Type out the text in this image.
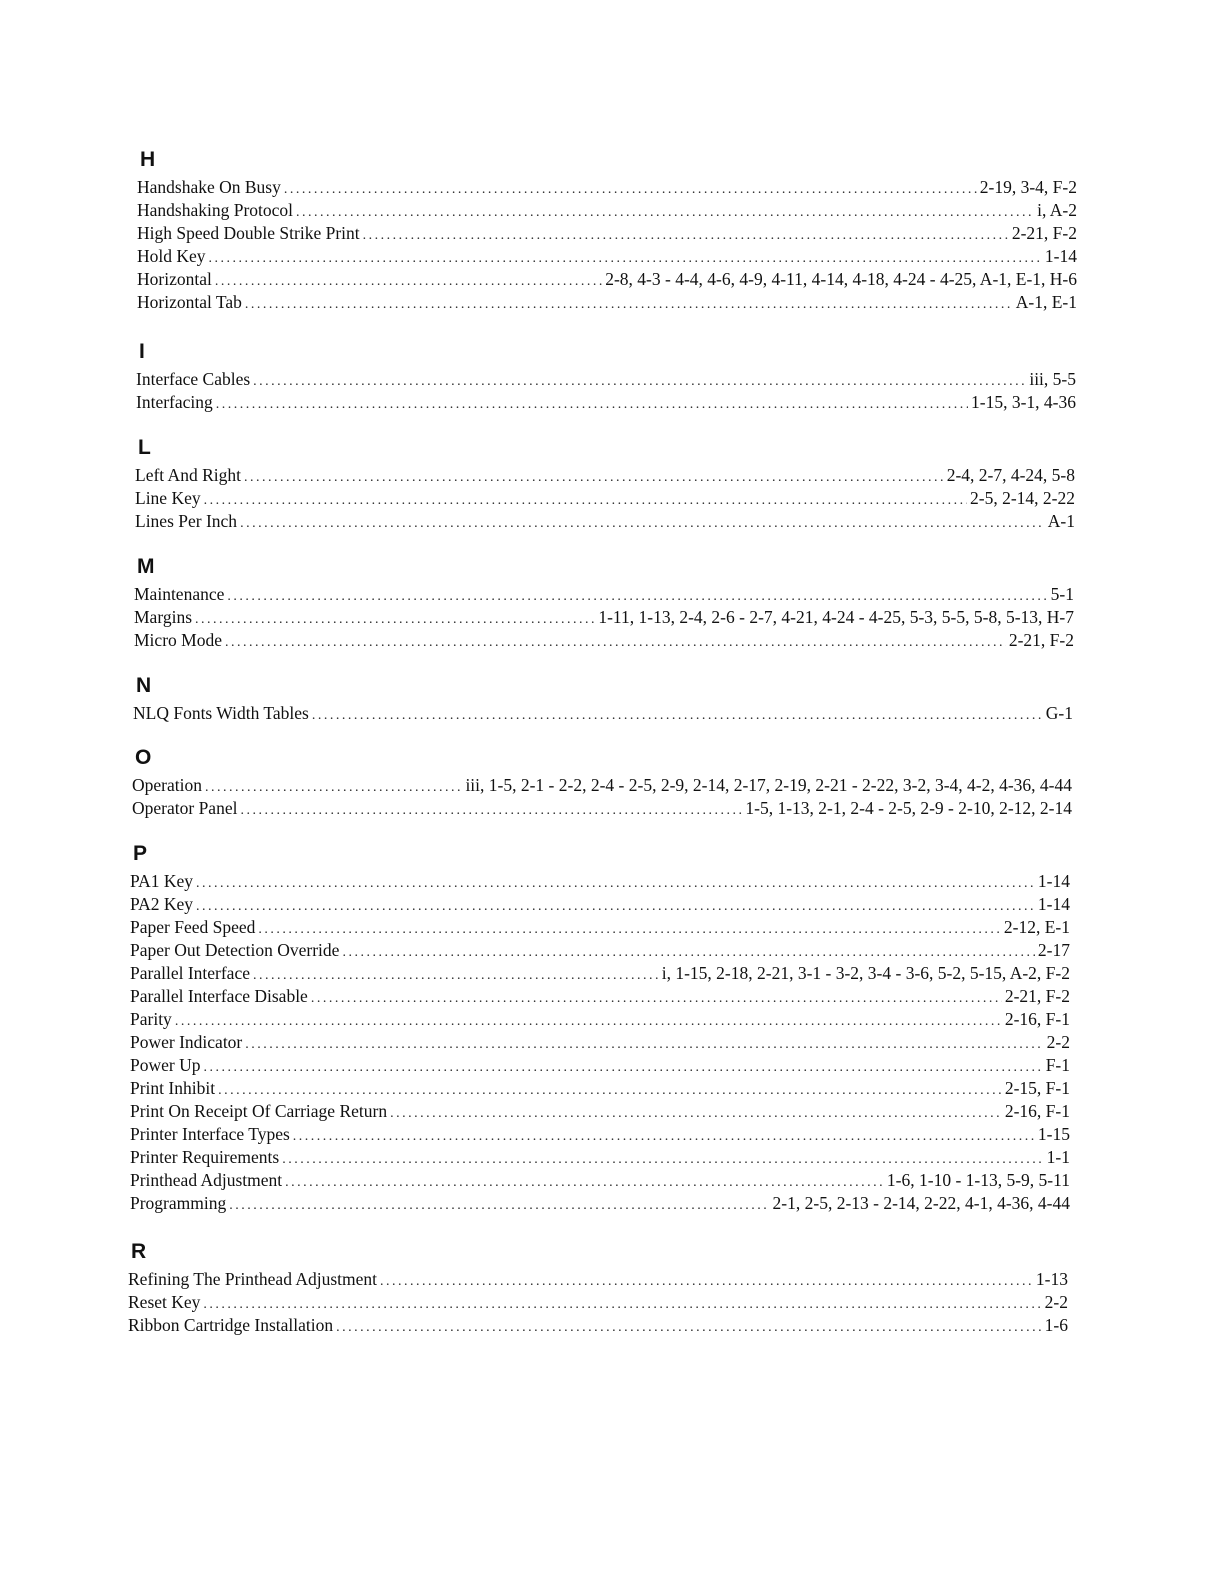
H
Handshake On Busy .....	2-19, 3-4, F-2
Handshaking Protocol .....	i, A-2
High Speed Double Strike Print .....	2-21, F-2
Hold Key .....	1-14
Horizontal .....	2-8, 4-3 - 4-4, 4-6, 4-9, 4-11, 4-14, 4-18, 4-24 - 4-25, A-1, E-1, H-6
Horizontal Tab .....	A-1, E-1
I
Interface Cables .....	iii, 5-5
Interfacing .....	1-15, 3-1, 4-36
L
Left And Right .....	2-4, 2-7, 4-24, 5-8
Line Key .....	2-5, 2-14, 2-22
Lines Per Inch .....	A-1
M
Maintenance .....	5-1
Margins .....	1-11, 1-13, 2-4, 2-6 - 2-7, 4-21, 4-24 - 4-25, 5-3, 5-5, 5-8, 5-13, H-7
Micro Mode .....	2-21, F-2
N
NLQ Fonts Width Tables .....	G-1
O
Operation .....	iii, 1-5, 2-1 - 2-2, 2-4 - 2-5, 2-9, 2-14, 2-17, 2-19, 2-21 - 2-22, 3-2, 3-4, 4-2, 4-36, 4-44
Operator Panel .....	1-5, 1-13, 2-1, 2-4 - 2-5, 2-9 - 2-10, 2-12, 2-14
P
PA1 Key .....	1-14
PA2 Key .....	1-14
Paper Feed Speed .....	2-12, E-1
Paper Out Detection Override .....	2-17
Parallel Interface .....	i, 1-15, 2-18, 2-21, 3-1 - 3-2, 3-4 - 3-6, 5-2, 5-15, A-2, F-2
Parallel Interface Disable .....	2-21, F-2
Parity .....	2-16, F-1
Power Indicator .....	2-2
Power Up .....	F-1
Print Inhibit .....	2-15, F-1
Print On Receipt Of Carriage Return .....	2-16, F-1
Printer Interface Types .....	1-15
Printer Requirements .....	1-1
Printhead Adjustment .....	1-6, 1-10 - 1-13, 5-9, 5-11
Programming .....	2-1, 2-5, 2-13 - 2-14, 2-22, 4-1, 4-36, 4-44
R
Refining The Printhead Adjustment .....	1-13
Reset Key .....	2-2
Ribbon Cartridge Installation .....	1-6
